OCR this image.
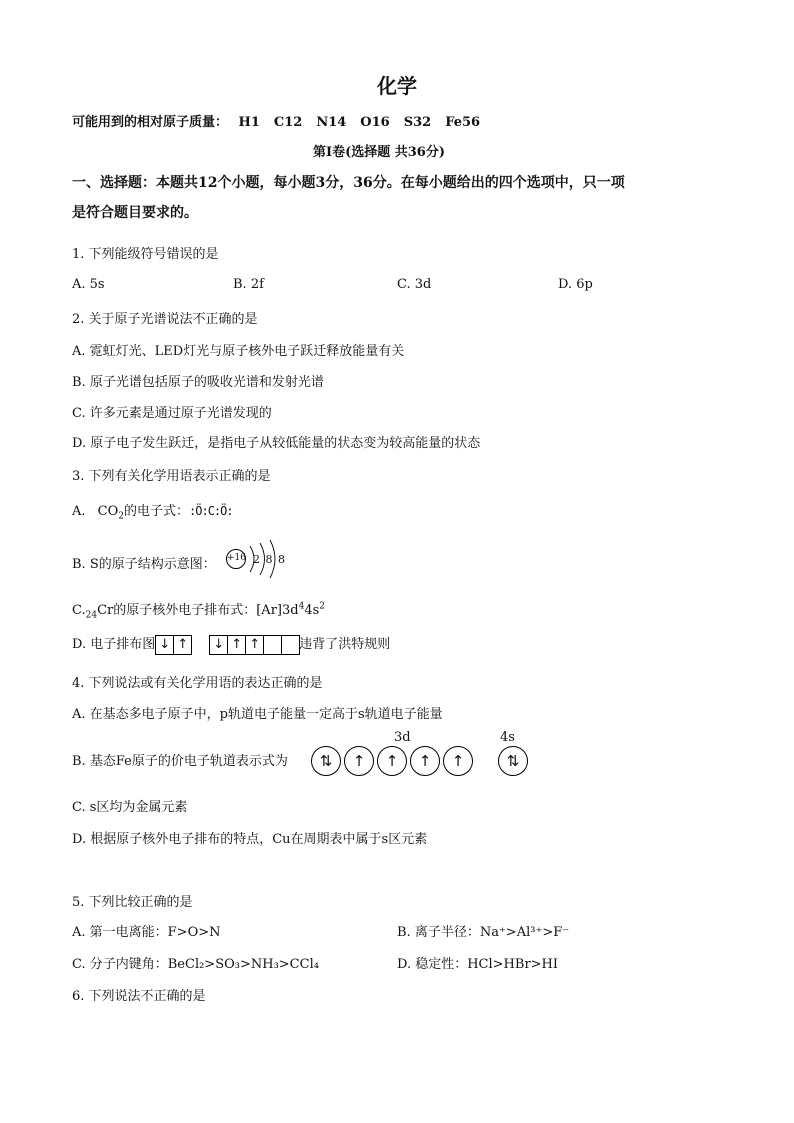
化学
可能用到的相对原子质量： H1 C12 N14 O16 S32 Fe56
第I卷(选择题 共36分)
一、选择题：本题共12个小题，每小题3分，36分。在每小题给出的四个选项中，只一项
是符合题目要求的。
1. 下列能级符号错误的是
A. 5s	B. 2f	C. 3d	D. 6p
2. 关于原子光谱说法不正确的是
A. 霓虹灯光、LED灯光与原子核外电子跃迁释放能量有关
B. 原子光谱包括原子的吸收光谱和发射光谱
C. 许多元素是通过原子光谱发现的
D. 原子电子发生跃迁，是指电子从较低能量的状态变为较高能量的状态
3. 下列有关化学用语表示正确的是
A. $CO_2$的电子式：:Ö:C:Ö:
B. S的原子结构示意图： +16 2 8 8
$C._{24}Cr$的原子核外电子排布式：$[Ar]3d^44s^2$
D. 电子排布图 ↓ ↑ ↓ ↑ ↑	违背了洪特规则
4. 下列说法或有关化学用语的表达正确的是
A. 在基态多电子原子中，p轨道电子能量一定高于s轨道电子能量
B. 基态Fe原子的价电子轨道表示式为
3d	4s
⇅ ↑ ↑ ↑ ↑	⇅
C. s区均为金属元素
D. 根据原子核外电子排布的特点，Cu在周期表中属于s区元素
5. 下列比较正确的是
A. 第一电离能：F>O>N	B. 离子半径：Na⁺>Al³⁺>F⁻
C. 分子内键角：BeCl₂>SO₃>NH₃>CCl₄	D. 稳定性：HCl>HBr>HI
6. 下列说法不正确的是
